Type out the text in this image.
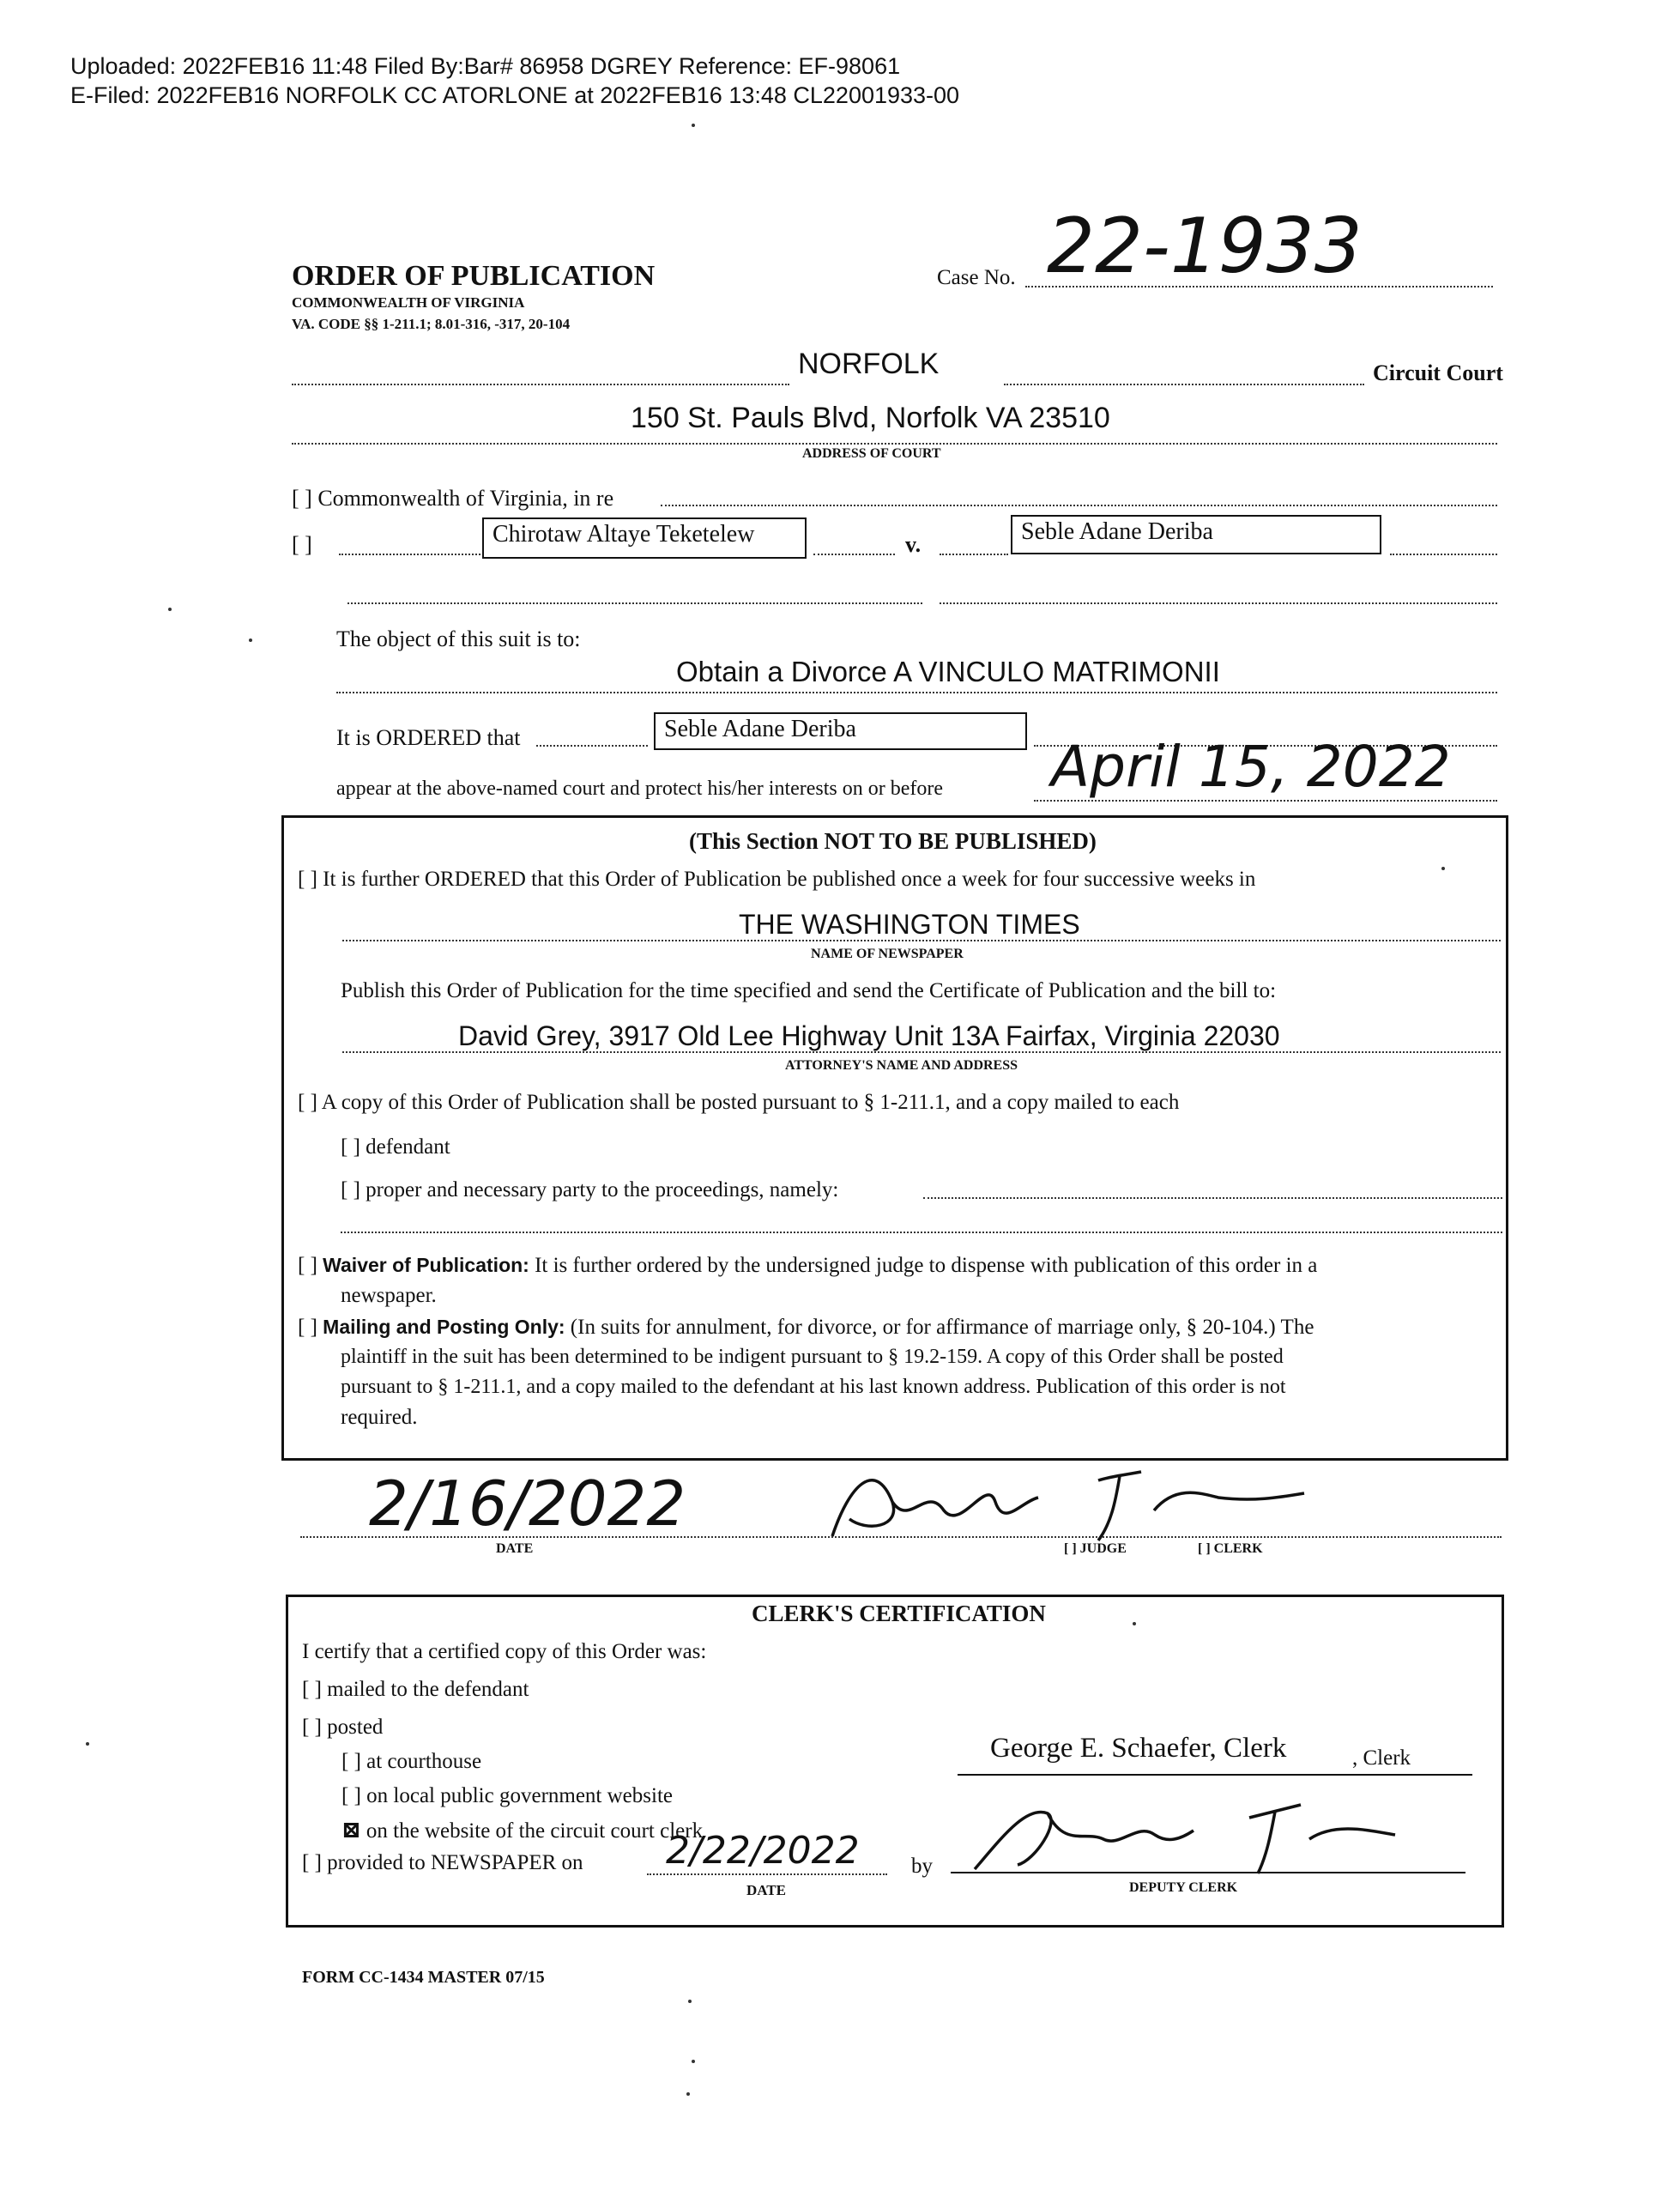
Uploaded: 2022FEB16 11:48 Filed By:Bar# 86958 DGREY Reference: EF-98061
E-Filed: 2022FEB16 NORFOLK CC ATORLONE at 2022FEB16 13:48 CL22001933-00
ORDER OF PUBLICATION
COMMONWEALTH OF VIRGINIA
VA. CODE §§ 1-211.1; 8.01-316, -317, 20-104
Case No. 22-1933
NORFOLK	Circuit Court
150 St. Pauls Blvd, Norfolk VA 23510
ADDRESS OF COURT
[ ] Commonwealth of Virginia, in re
[ ]	Chirotaw Altaye Teketelew	v.	Seble Adane Deriba
The object of this suit is to:
Obtain a Divorce A VINCULO MATRIMONII
It is ORDERED that	Seble Adane Deriba
appear at the above-named court and protect his/her interests on or before April 15, 2022
(This Section NOT TO BE PUBLISHED)
[ ] It is further ORDERED that this Order of Publication be published once a week for four successive weeks in
THE WASHINGTON TIMES
NAME OF NEWSPAPER
Publish this Order of Publication for the time specified and send the Certificate of Publication and the bill to:
David Grey, 3917 Old Lee Highway Unit 13A Fairfax, Virginia 22030
ATTORNEY'S NAME AND ADDRESS
[ ] A copy of this Order of Publication shall be posted pursuant to § 1-211.1, and a copy mailed to each
[ ] defendant
[ ] proper and necessary party to the proceedings, namely:
[ ] Waiver of Publication: It is further ordered by the undersigned judge to dispense with publication of this order in a
newspaper.
[ ] Mailing and Posting Only: (In suits for annulment, for divorce, or for affirmance of marriage only, § 20-104.) The
plaintiff in the suit has been determined to be indigent pursuant to § 19.2-159. A copy of this Order shall be posted
pursuant to § 1-211.1, and a copy mailed to the defendant at his last known address. Publication of this order is not
required.
2/16/2022
DATE	[ ] JUDGE	[ ] CLERK
CLERK'S CERTIFICATION
I certify that a certified copy of this Order was:
[ ] mailed to the defendant
[ ] posted
[ ] at courthouse
[ ] on local public government website
⊠ on the website of the circuit court clerk
[ ] provided to NEWSPAPER on 2/22/2022
DATE
by
George E. Schaefer, Clerk	, Clerk
DEPUTY CLERK
FORM CC-1434 MASTER 07/15
